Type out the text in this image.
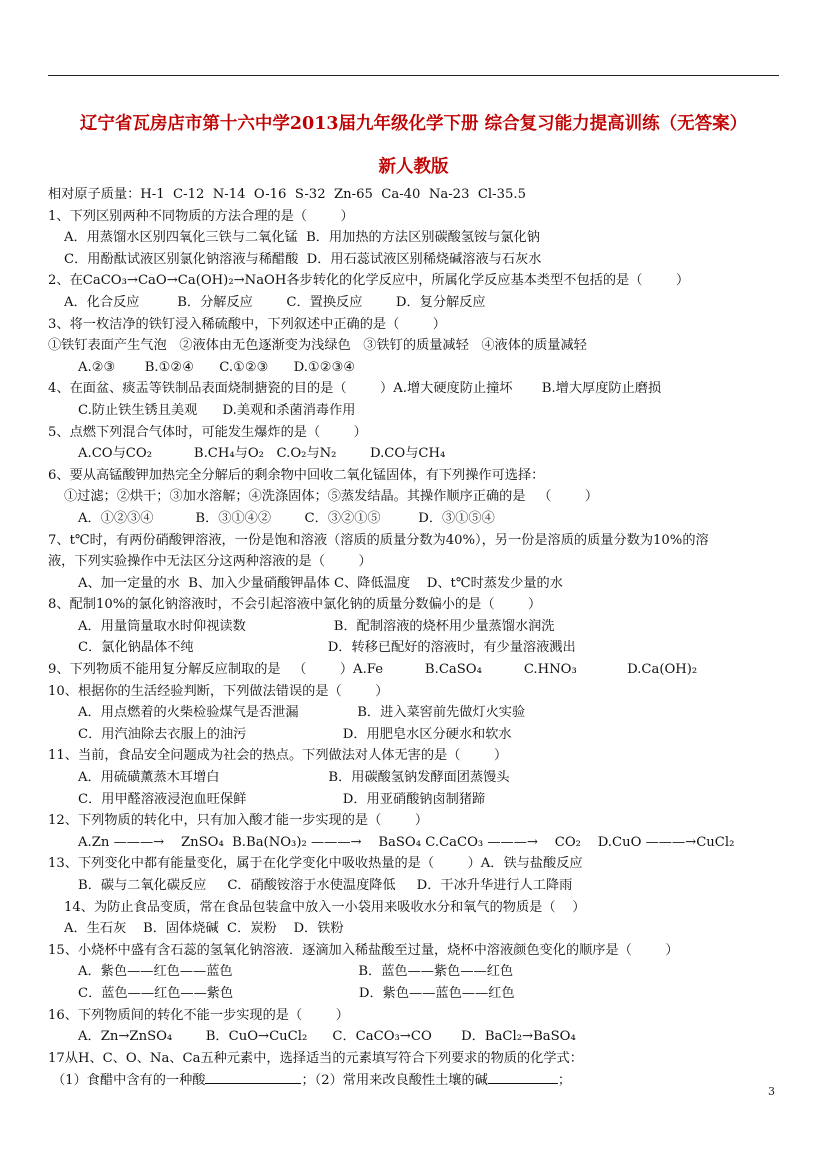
辽宁省瓦房店市第十六中学2013届九年级化学下册 综合复习能力提高训练（无答案）
新人教版
相对原子质量：H-1  C-12  N-14  O-16  S-32  Zn-65  Ca-40  Na-23  Cl-35.5
1、下列区别两种不同物质的方法合理的是（        ）
A．用蒸馏水区别四氧化三铁与二氧化锰  B．用加热的方法区别碳酸氢铵与氯化钠
C．用酚酞试液区别氯化钠溶液与稀醋酸  D．用石蕊试液区别稀烧碱溶液与石灰水
2、在CaCO₃→CaO→Ca(OH)₂→NaOH各步转化的化学反应中，所属化学反应基本类型不包括的是（        ）
A．化合反应         B．分解反应        C．置换反应        D．复分解反应
3、将一枚洁净的铁钉浸入稀硫酸中，下列叙述中正确的是（        ）
①铁钉表面产生气泡   ②液体由无色逐渐变为浅绿色   ③铁钉的质量减轻   ④液体的质量减轻
A.②③       B.①②④      C.①②③      D.①②③④
4、在面盆、痰盂等铁制品表面烧制搪瓷的目的是（        ）A.增大硬度防止撞坏       B.增大厚度防止磨损
C.防止铁生锈且美观      D.美观和杀菌消毒作用
5、点燃下列混合气体时，可能发生爆炸的是（        ）
A.CO与CO₂          B.CH₄与O₂   C.O₂与N₂        D.CO与CH₄
6、要从高锰酸钾加热完全分解后的剩余物中回收二氧化锰固体，有下列操作可选择：
①过滤；②烘干；③加水溶解；④洗涤固体；⑤蒸发结晶。其操作顺序正确的是   （        ）
A．①②③④          B．③①④②        C．③②①⑤         D．③①⑤④
7、t℃时，有两份硝酸钾溶液，一份是饱和溶液（溶质的质量分数为40%），另一份是溶质的质量分数为10%的溶
液，下列实验操作中无法区分这两种溶液的是（        ）
A、加一定量的水  B、加入少量硝酸钾晶体 C、降低温度    D、t℃时蒸发少量的水
8、配制10%的氯化钠溶液时，不会引起溶液中氯化钠的质量分数偏小的是（        ）
A．用量筒量取水时仰视读数                     B．配制溶液的烧杯用少量蒸馏水润洗
C．氯化钠晶体不纯                                D．转移已配好的溶液时，有少量溶液溅出
9、下列物质不能用复分解反应制取的是   （        ）A.Fe          B.CaSO₄          C.HNO₃            D.Ca(OH)₂
10、根据你的生活经验判断，下列做法错误的是（        ）
A．用点燃着的火柴检验煤气是否泄漏              B．进入菜窖前先做灯火实验
C．用汽油除去衣服上的油污                       D．用肥皂水区分硬水和软水
11、当前，食品安全问题成为社会的热点。下列做法对人体无害的是（        ）
A．用硫磺薰蒸木耳增白                          B．用碳酸氢钠发酵面团蒸馒头
C．用甲醛溶液浸泡血旺保鲜                       D．用亚硝酸钠卤制猪蹄
12、下列物质的转化中，只有加入酸才能一步实现的是（        ）
A.Zn ———→    ZnSO₄  B.Ba(NO₃)₂ ———→    BaSO₄ C.CaCO₃ ———→    CO₂    D.CuO ———→CuCl₂
13、下列变化中都有能量变化，属于在化学变化中吸收热量的是（        ）A．铁与盐酸反应
B．碳与二氧化碳反应     C．硝酸铵溶于水使温度降低     D．干冰升华进行人工降雨
14、为防止食品变质，常在食品包装盒中放入一小袋用来吸收水分和氧气的物质是（    ）
A．生石灰    B．固体烧碱  C．炭粉    D．铁粉
15、小烧杯中盛有含石蕊的氢氧化钠溶液．逐滴加入稀盐酸至过量，烧杯中溶液颜色变化的顺序是（        ）
A．紫色——红色——蓝色                              B．蓝色——紫色——红色
C．蓝色——红色——紫色                              D．紫色——蓝色——红色
16、下列物质间的转化不能一步实现的是（        ）
A．Zn→ZnSO₄        B．CuO→CuCl₂      C．CaCO₃→CO       D．BaCl₂→BaSO₄
17从H、C、O、Na、Ca五种元素中，选择适当的元素填写符合下列要求的物质的化学式：
（1）食醋中含有的一种酸	；（2）常用来改良酸性土壤的碱	；
3
